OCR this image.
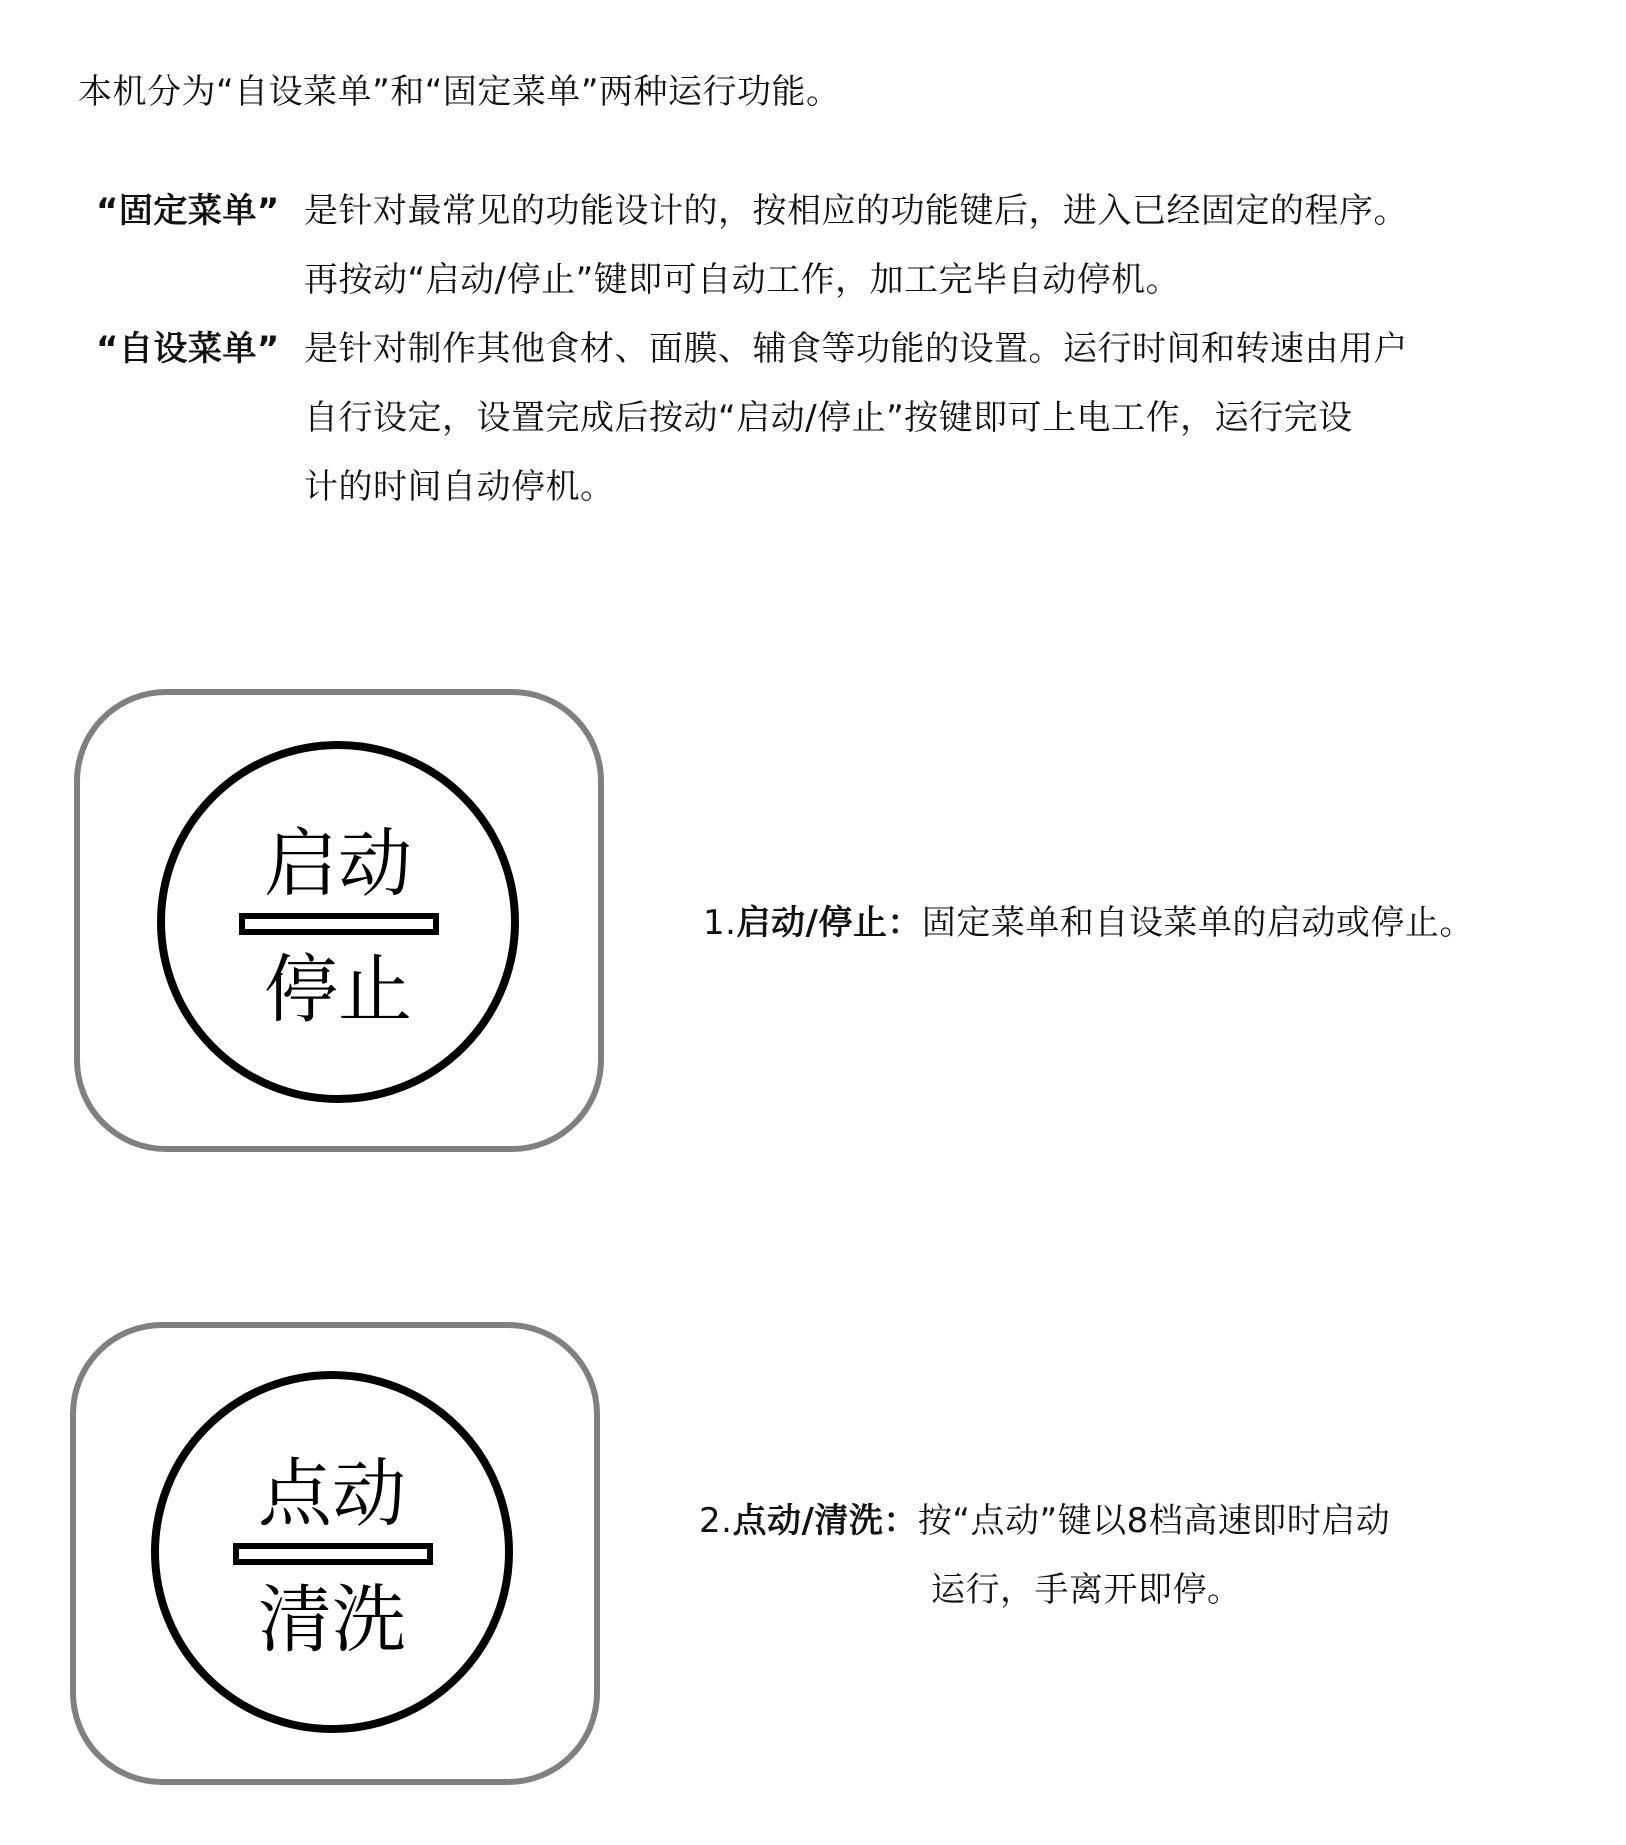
本机分为“自设菜单”和“固定菜单”两种运行功能。
“固定菜单” 是针对最常见的功能设计的，按相应的功能键后，进入已经固定的程序。
再按动“启动/停止”键即可自动工作，加工完毕自动停机。
“自设菜单” 是针对制作其他食材、面膜、辅食等功能的设置。运行时间和转速由用户
自行设定，设置完成后按动“启动/停止”按键即可上电工作，运行完设
计的时间自动停机。
启动
停止
1.启动/停止：固定菜单和自设菜单的启动或停止。
点动
清洗
2.点动/清洗：按“点动”键以8档高速即时启动
运行，手离开即停。
